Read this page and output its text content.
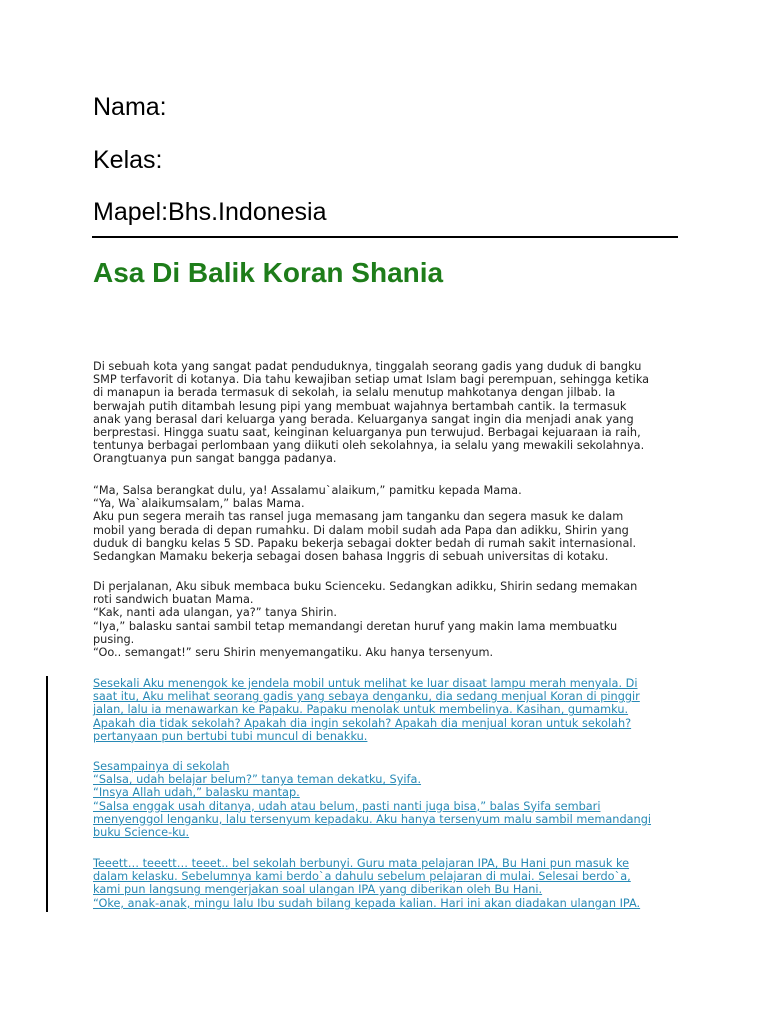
Nama:

Kelas:

Mapel:Bhs.Indonesia

Asa Di Balik Koran Shania
Di sebuah kota yang sangat padat penduduknya, tinggalah seorang gadis yang duduk di bangku
SMP terfavorit di kotanya. Dia tahu kewajiban setiap umat Islam bagi perempuan, sehingga ketika
di manapun ia berada termasuk di sekolah, ia selalu menutup mahkotanya dengan jilbab. Ia
berwajah putih ditambah lesung pipi yang membuat wajahnya bertambah cantik. Ia termasuk
anak yang berasal dari keluarga yang berada. Keluarganya sangat ingin dia menjadi anak yang
berprestasi. Hingga suatu saat, keinginan keluarganya pun terwujud. Berbagai kejuaraan ia raih,
tentunya berbagai perlombaan yang diikuti oleh sekolahnya, ia selalu yang mewakili sekolahnya.
Orangtuanya pun sangat bangga padanya.
“Ma, Salsa berangkat dulu, ya! Assalamu`alaikum,” pamitku kepada Mama.
“Ya, Wa`alaikumsalam,” balas Mama.
Aku pun segera meraih tas ransel juga memasang jam tanganku dan segera masuk ke dalam
mobil yang berada di depan rumahku. Di dalam mobil sudah ada Papa dan adikku, Shirin yang
duduk di bangku kelas 5 SD. Papaku bekerja sebagai dokter bedah di rumah sakit internasional.
Sedangkan Mamaku bekerja sebagai dosen bahasa Inggris di sebuah universitas di kotaku.
Di perjalanan, Aku sibuk membaca buku Scienceku. Sedangkan adikku, Shirin sedang memakan
roti sandwich buatan Mama.
“Kak, nanti ada ulangan, ya?” tanya Shirin.
“Iya,” balasku santai sambil tetap memandangi deretan huruf yang makin lama membuatku
pusing.
“Oo.. semangat!” seru Shirin menyemangatiku. Aku hanya tersenyum.
Sesekali Aku menengok ke jendela mobil untuk melihat ke luar disaat lampu merah menyala. Di
saat itu, Aku melihat seorang gadis yang sebaya denganku, dia sedang menjual Koran di pinggir
jalan, lalu ia menawarkan ke Papaku. Papaku menolak untuk membelinya. Kasihan, gumamku.
Apakah dia tidak sekolah? Apakah dia ingin sekolah? Apakah dia menjual koran untuk sekolah?
pertanyaan pun bertubi tubi muncul di benakku.
Sesampainya di sekolah
“Salsa, udah belajar belum?” tanya teman dekatku, Syifa.
“Insya Allah udah,” balasku mantap.
“Salsa enggak usah ditanya, udah atau belum, pasti nanti juga bisa,” balas Syifa sembari
menyenggol lenganku, lalu tersenyum kepadaku. Aku hanya tersenyum malu sambil memandangi
buku Science-ku.
Teeett… teeett… teeet.. bel sekolah berbunyi. Guru mata pelajaran IPA, Bu Hani pun masuk ke
dalam kelasku. Sebelumnya kami berdo`a dahulu sebelum pelajaran di mulai. Selesai berdo`a,
kami pun langsung mengerjakan soal ulangan IPA yang diberikan oleh Bu Hani.
“Oke, anak-anak, mingu lalu Ibu sudah bilang kepada kalian. Hari ini akan diadakan ulangan IPA.
